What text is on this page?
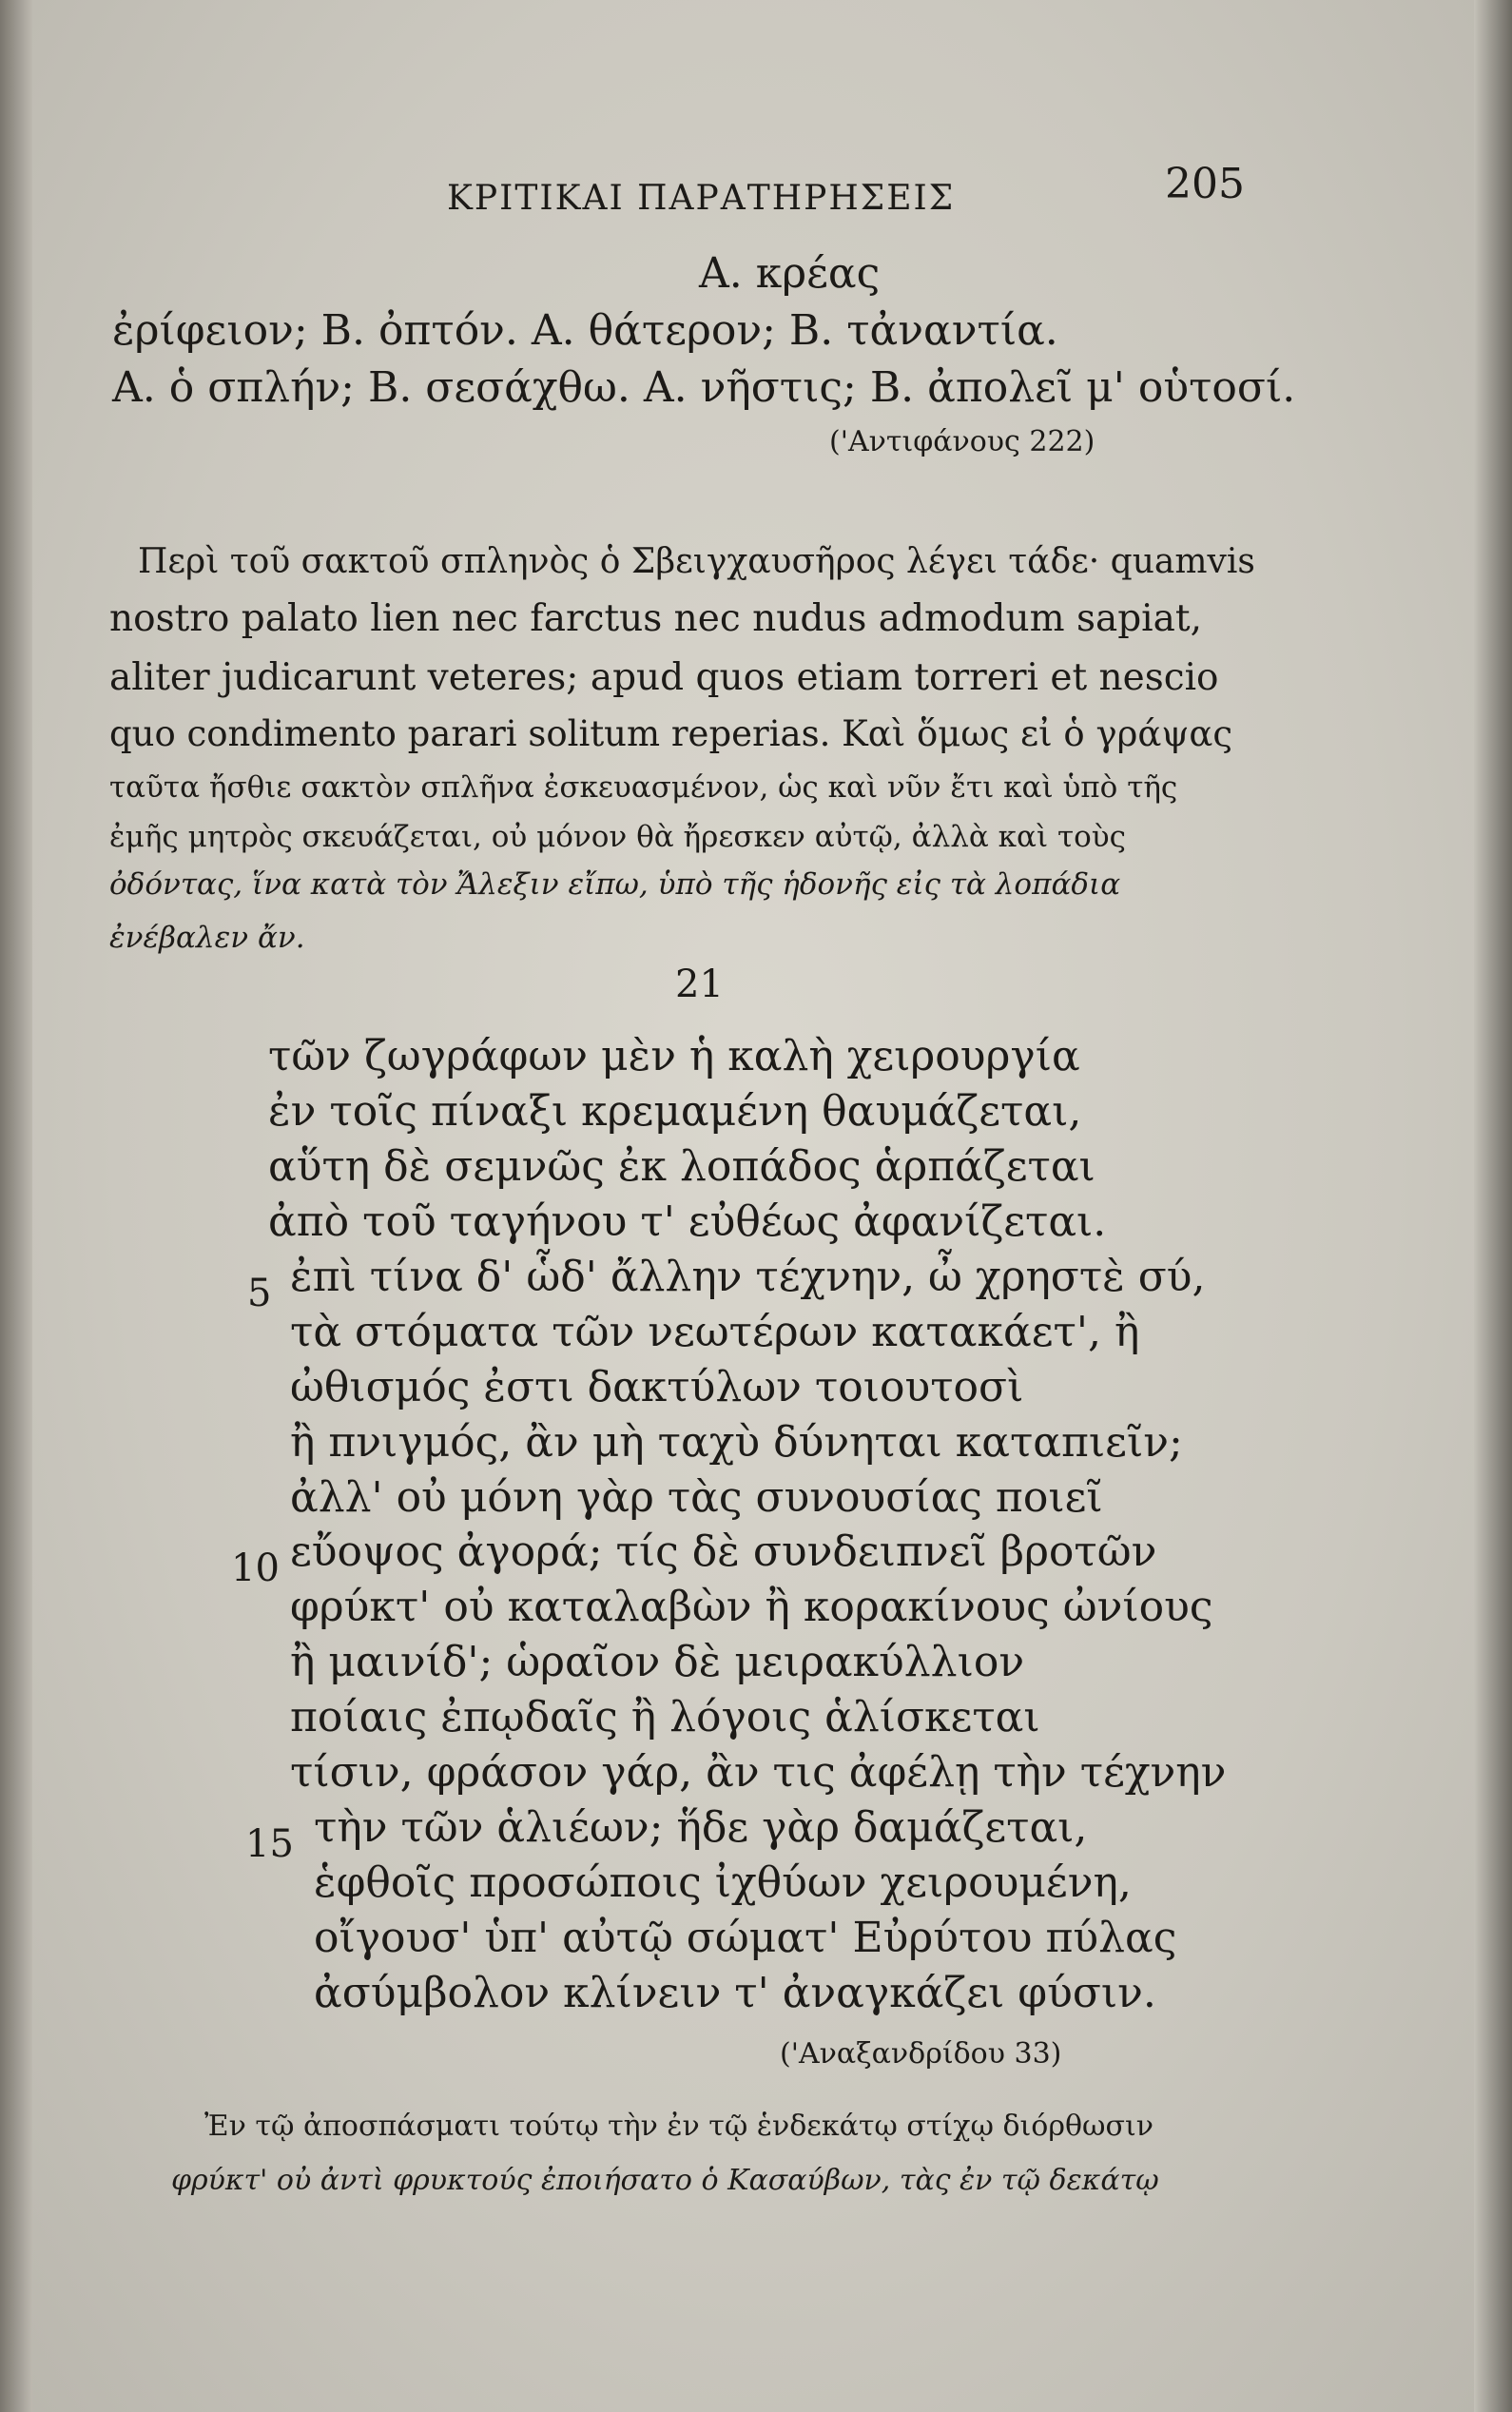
ΚΡΙΤΙΚΑΙ ΠΑΡΑΤΗΡΗΣΕΙΣ	205

Α. κρέας

ἐρίφειον; Β. ὀπτόν. Α. θάτερον; Β. τἀναντία.

Α. ὁ σπλήν; Β. σεσάχθω. Α. νῆστις; Β. ἀπολεῖ μ' οὑτοσί.

('Αντιφάνους 222)

Περὶ τοῦ σακτοῦ σπληνὸς ὁ Σβειγχαυσῆρος λέγει τάδε· quamvis

nostro palato lien nec farctus nec nudus admodum sapiat,

aliter judicarunt veteres; apud quos etiam torreri et nescio

quo condimento parari solitum reperias. Καὶ ὅμως εἰ ὁ γράψας

ταῦτα ἤσθιε σακτὸν σπλῆνα ἐσκευασμένον, ὡς καὶ νῦν ἔτι καὶ ὑπὸ τῆς

ἐμῆς μητρὸς σκευάζεται, οὐ μόνον θὰ ἤρεσκεν αὐτῷ, ἀλλὰ καὶ τοὺς

ὀδόντας, ἵνα κατὰ τὸν Ἄλεξιν εἴπω, ὑπὸ τῆς ἡδονῆς εἰς τὰ λοπάδια

ἐνέβαλεν ἄν.

21

τῶν ζωγράφων μὲν ἡ καλὴ χειρουργία

ἐν τοῖς πίναξι κρεμαμένη θαυμάζεται,

αὕτη δὲ σεμνῶς ἐκ λοπάδος ἁρπάζεται

ἀπὸ τοῦ ταγήνου τ' εὐθέως ἀφανίζεται.

5 ἐπὶ τίνα δ' ὧδ' ἄλλην τέχνην, ὦ χρηστὲ σύ,

τὰ στόματα τῶν νεωτέρων κατακάετ', ἢ

ὠθισμός ἐστι δακτύλων τοιουτοσὶ

ἢ πνιγμός, ἂν μὴ ταχὺ δύνηται καταπιεῖν;

ἀλλ' οὐ μόνη γὰρ τὰς συνουσίας ποιεῖ

10 εὔοψος ἀγορά; τίς δὲ συνδειπνεῖ βροτῶν

φρύκτ' οὐ καταλαβὼν ἢ κορακίνους ὠνίους

ἢ μαινίδ'; ὡραῖον δὲ μειρακύλλιον

ποίαις ἐπῳδαῖς ἢ λόγοις ἁλίσκεται

τίσιν, φράσον γάρ, ἂν τις ἀφέλῃ τὴν τέχνην

15 τὴν τῶν ἁλιέων; ἥδε γὰρ δαμάζεται,

ἑφθοῖς προσώποις ἰχθύων χειρουμένη,

οἴγουσ' ὑπ' αὐτῷ σώματ' Εὐρύτου πύλας

ἀσύμβολον κλίνειν τ' ἀναγκάζει φύσιν.

('Αναξανδρίδου 33)

Ἐν τῷ ἀποσπάσματι τούτῳ τὴν ἐν τῷ ἑνδεκάτῳ στίχῳ διόρθωσιν

φρύκτ' οὐ ἀντὶ φρυκτούς ἐποιήσατο ὁ Κασαύβων, τὰς ἐν τῷ δεκάτῳ
